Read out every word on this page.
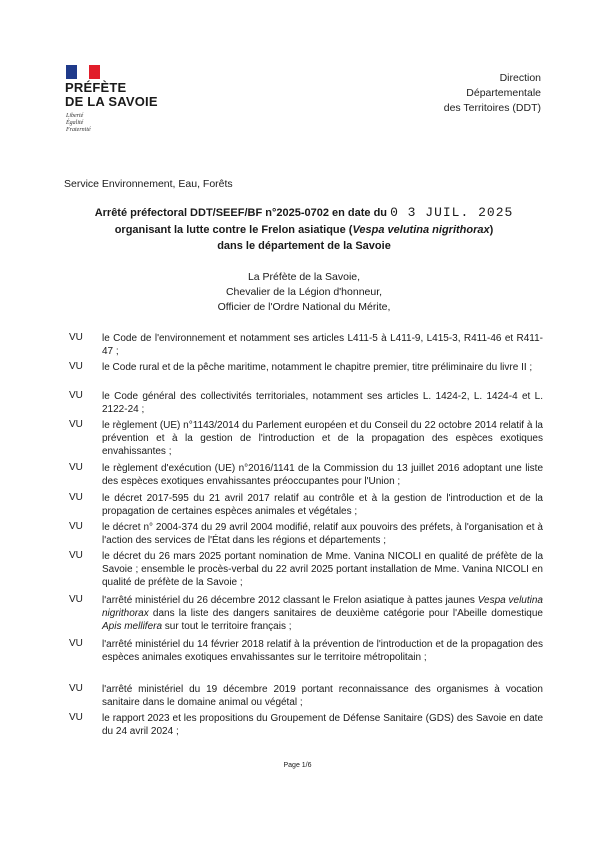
PRÉFÈTE
DE LA SAVOIE
Liberté
Égalité
Fraternité
Direction
Départementale
des Territoires (DDT)
Service Environnement, Eau, Forêts
Arrêté préfectoral DDT/SEEF/BF n°2025-0702 en date du 0 3 JUIL. 2025
organisant la lutte contre le Frelon asiatique (Vespa velutina nigrithorax)
dans le département de la Savoie
La Préfète de la Savoie,
Chevalier de la Légion d'honneur,
Officier de l'Ordre National du Mérite,
VU le Code de l'environnement et notamment ses articles L411-5 à L411-9, L415-3, R411-46 et R411-47 ;
VU le Code rural et de la pêche maritime, notamment le chapitre premier, titre préliminaire du livre II ;
VU le Code général des collectivités territoriales, notamment ses articles L. 1424-2, L. 1424-4 et L. 2122-24 ;
VU le règlement (UE) n°1143/2014 du Parlement européen et du Conseil du 22 octobre 2014 relatif à la prévention et à la gestion de l'introduction et de la propagation des espèces exotiques envahissantes ;
VU le règlement d'exécution (UE) n°2016/1141 de la Commission du 13 juillet 2016 adoptant une liste des espèces exotiques envahissantes préoccupantes pour l'Union ;
VU le décret 2017-595 du 21 avril 2017 relatif au contrôle et à la gestion de l'introduction et de la propagation de certaines espèces animales et végétales ;
VU le décret n° 2004-374 du 29 avril 2004 modifié, relatif aux pouvoirs des préfets, à l'organisation et à l'action des services de l'État dans les régions et départements ;
VU le décret du 26 mars 2025 portant nomination de Mme. Vanina NICOLI en qualité de préfète de la Savoie ; ensemble le procès-verbal du 22 avril 2025 portant installation de Mme. Vanina NICOLI en qualité de préfète de la Savoie ;
VU l'arrêté ministériel du 26 décembre 2012 classant le Frelon asiatique à pattes jaunes Vespa velutina nigrithorax dans la liste des dangers sanitaires de deuxième catégorie pour l'Abeille domestique Apis mellifera sur tout le territoire français ;
VU l'arrêté ministériel du 14 février 2018 relatif à la prévention de l'introduction et de la propagation des espèces animales exotiques envahissantes sur le territoire métropolitain ;
VU l'arrêté ministériel du 19 décembre 2019 portant reconnaissance des organismes à vocation sanitaire dans le domaine animal ou végétal ;
VU le rapport 2023 et les propositions du Groupement de Défense Sanitaire (GDS) des Savoie en date du 24 avril 2024 ;
Page 1/6
